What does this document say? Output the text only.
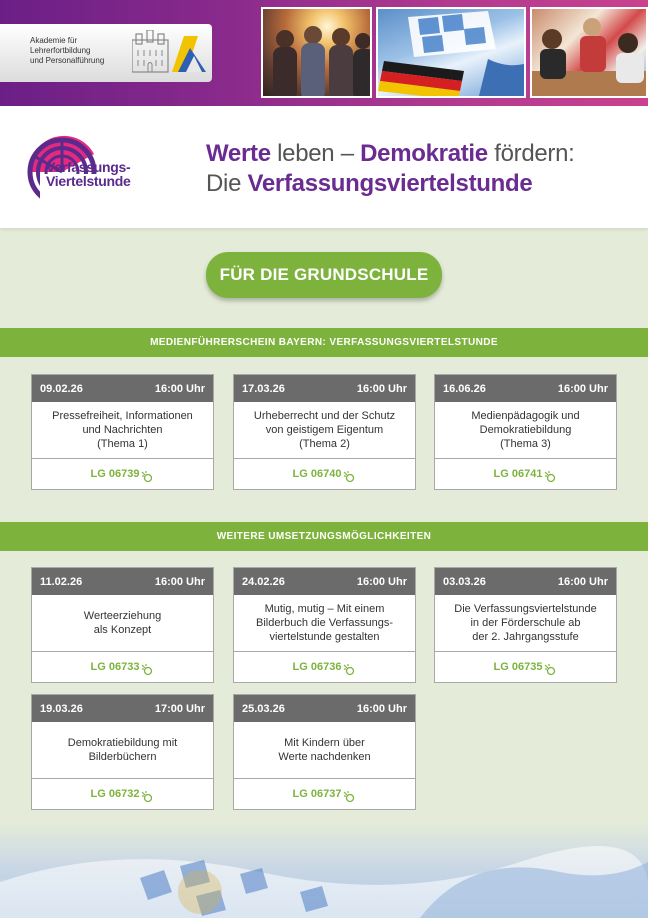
Akademie für
Lehrerfortbildung
und Personalführung
Verfassungs-
Viertelstunde
Werte leben – Demokratie fördern:
Die Verfassungsviertelstunde
FÜR DIE GRUNDSCHULE
MEDIENFÜHRERSCHEIN BAYERN: VERFASSUNGSVIERTELSTUNDE
09.02.26	16:00 Uhr
Pressefreiheit, Informationen
und Nachrichten
(Thema 1)
LG 06739
17.03.26	16:00 Uhr
Urheberrecht und der Schutz
von geistigem Eigentum
(Thema 2)
LG 06740
16.06.26	16:00 Uhr
Medienpädagogik und
Demokratiebildung
(Thema 3)
LG 06741
WEITERE UMSETZUNGSMÖGLICHKEITEN
11.02.26	16:00 Uhr
Werteerziehung
als Konzept
LG 06733
24.02.26	16:00 Uhr
Mutig, mutig – Mit einem
Bilderbuch die Verfassungs-
viertelstunde gestalten
LG 06736
03.03.26	16:00 Uhr
Die Verfassungsviertelstunde
in der Förderschule ab
der 2. Jahrgangsstufe
LG 06735
19.03.26	17:00 Uhr
Demokratiebildung mit
Bilderbüchern
LG 06732
25.03.26	16:00 Uhr
Mit Kindern über
Werte nachdenken
LG 06737
